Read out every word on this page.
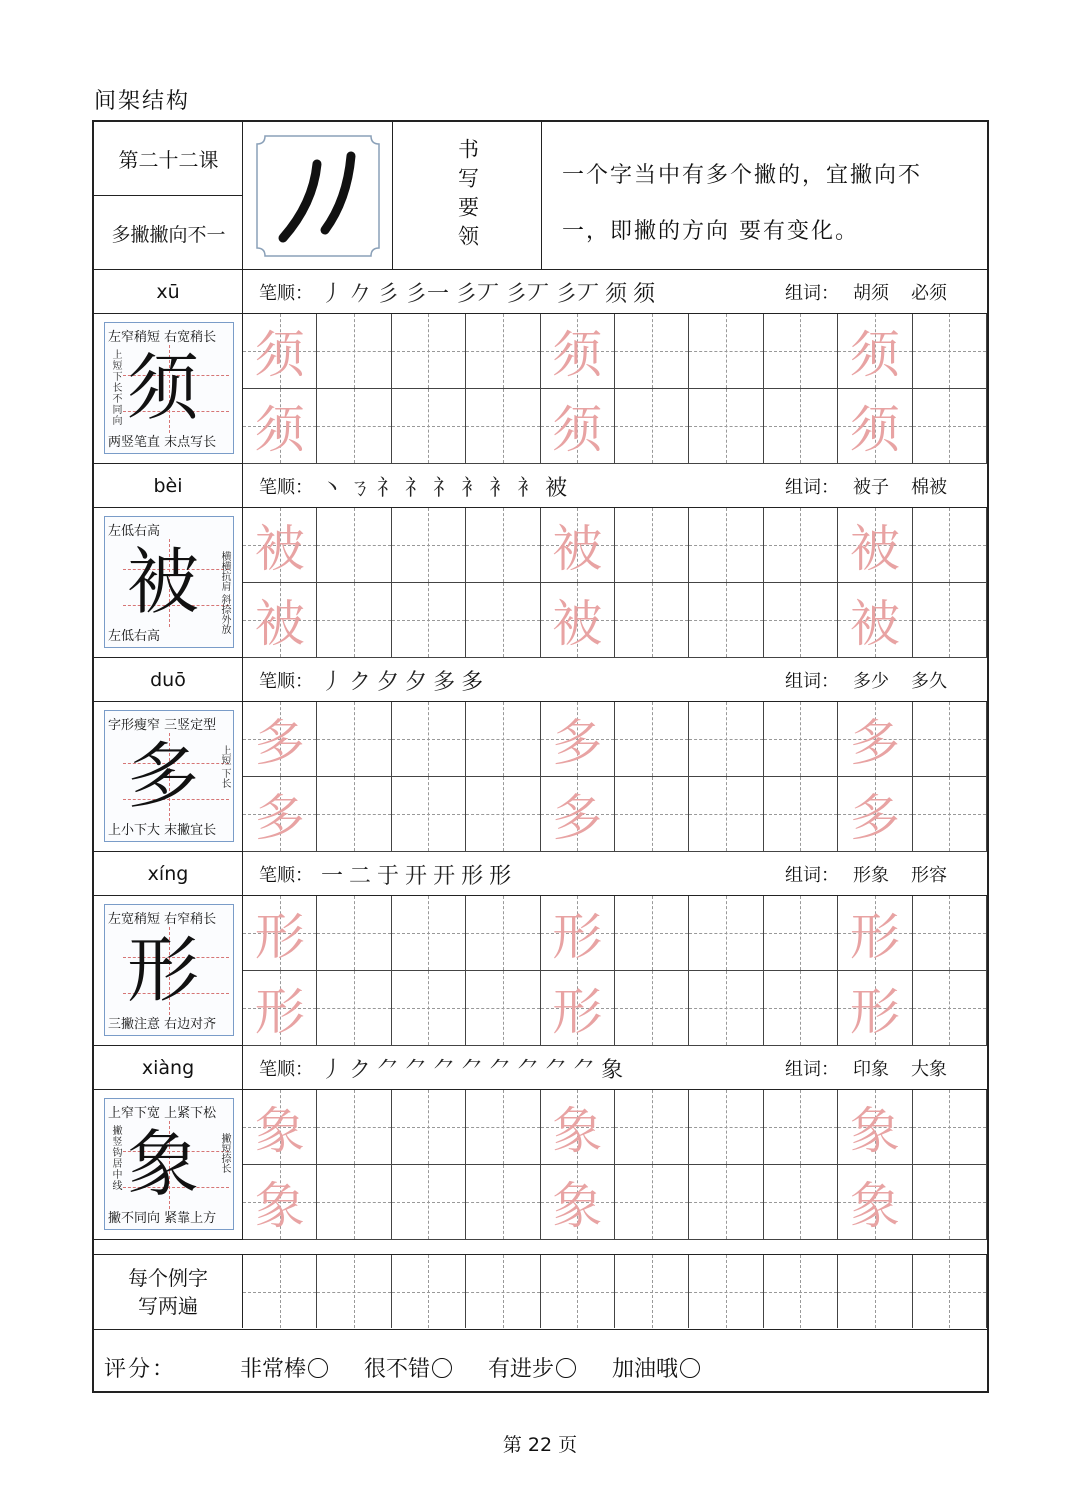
间架结构
第二十二课
多撇撇向不一	书写要领	一个字当中有多个撇的，宜撇向不一，即撇的方向 要有变化。
xū	笔顺： 丿 𠂊 彡 彡一 彡丆 彡丆 彡丆 须 须	组词： 胡须 必须
左窄稍短 右宽稍长
上短下长不同向 须
两竖笔直 末点写长
须	须	须
须	须	须
bèi	笔顺： 丶 ㄋ 礻 礻 礻 衤 衤 衤 被	组词： 被子 棉被
左低右高
被 横横抗肩 斜捺外放
左低右高
被	被	被
被	被	被
duō	笔顺： 丿 ク 夕 夕 多 多	组词： 多少 多久
字形瘦窄 三竖定型
多 上短 下长
上小下大 末撇宜长
多	多	多
多	多	多
xíng	笔顺： 一 二 于 开 开 形 形	组词： 形象 形容
左宽稍短 右窄稍长
形
三撇注意 右边对齐
形	形	形
形	形	形
xiàng	笔顺： 丿 ク ⺈ ⺈ ⺈ ⺈ ⺈ ⺈ ⺈ ⺈ 象	组词： 印象 大象
上窄下宽 上紧下松
撇竖钩居中线 象 撇短捺长
撇不同向 紧靠上方
象	象	象
象	象	象
每个例字
写两遍
评分：	非常棒	很不错	有进步	加油哦
第 22 页
